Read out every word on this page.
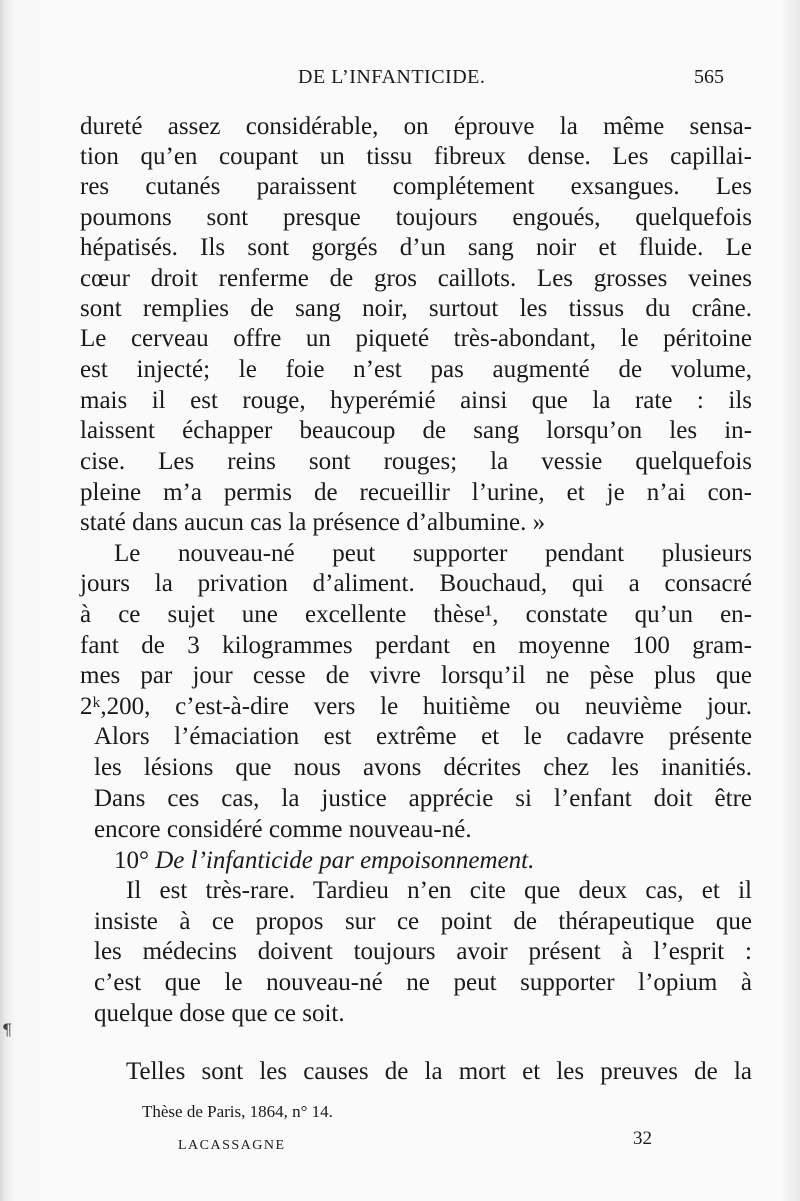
DE L’INFANTICIDE.	565
dureté assez considérable, on éprouve la même sensa-
tion qu’en coupant un tissu fibreux dense. Les capillai-
res cutanés paraissent complétement exsangues. Les
poumons sont presque toujours engoués, quelquefois
hépatisés. Ils sont gorgés d’un sang noir et fluide. Le
cœur droit renferme de gros caillots. Les grosses veines
sont remplies de sang noir, surtout les tissus du crâne.
Le cerveau offre un piqueté très-abondant, le péritoine
est injecté; le foie n’est pas augmenté de volume,
mais il est rouge, hyperémié ainsi que la rate : ils
laissent échapper beaucoup de sang lorsqu’on les in-
cise. Les reins sont rouges; la vessie quelquefois
pleine m’a permis de recueillir l’urine, et je n’ai con-
staté dans aucun cas la présence d’albumine. »
Le nouveau-né peut supporter pendant plusieurs
jours la privation d’aliment. Bouchaud, qui a consacré
à ce sujet une excellente thèse¹, constate qu’un en-
fant de 3 kilogrammes perdant en moyenne 100 gram-
mes par jour cesse de vivre lorsqu’il ne pèse plus que
2ᵏ,200, c’est-à-dire vers le huitième ou neuvième jour.
Alors l’émaciation est extrême et le cadavre présente
les lésions que nous avons décrites chez les inanitiés.
Dans ces cas, la justice apprécie si l’enfant doit être
encore considéré comme nouveau-né.
10° De l’infanticide par empoisonnement.
Il est très-rare. Tardieu n’en cite que deux cas, et il
insiste à ce propos sur ce point de thérapeutique que
les médecins doivent toujours avoir présent à l’esprit :
c’est que le nouveau-né ne peut supporter l’opium à
quelque dose que ce soit.
Telles sont les causes de la mort et les preuves de la
Thèse de Paris, 1864, n° 14.
LACASSAGNE	32
¶
